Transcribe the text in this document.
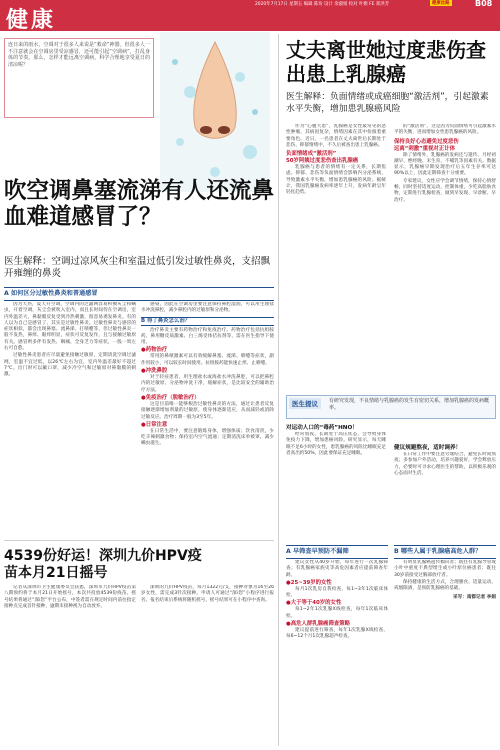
健康
2020年7月17日 星期五 编辑 陈玢 设计 余淑娟 校对 叶姬 FE 郑洪芳	健康丝路	B08
连日来的雨水，空调对于很多人来说是“救命”神器。但很多人一不注意就会在空调房里受凉感冒，还可能引起“空调病”，打乱身体的节奏。那么，怎样才能远离空调病，科学合理地享受夏日的清凉呢？
吹空调鼻塞流涕有人还流鼻血难道感冒了？
医生解释：空调过凉风灰尘和室温过低引发过敏性鼻炎，支招飘开雍缠的鼻炎
A 如何区分过敏性鼻炎和普通感冒

因为天热，夏天开空调，空调内的过滤网容易积攒灰尘和螨虫，开着空调，灰尘会被吹入室内。而且长时间待在空调房，室内外温差大，鼻黏膜反复受到冷热刺激，很容易诱发鼻炎。有的人以为自己是感冒了，其实是过敏性鼻炎。过敏性鼻炎与感冒的症状相似，都会出现鼻塞、流鼻涕、打喷嚏等，但过敏性鼻炎一般不发热，鼻痒、眼痒明显，症状可反复发作，且与接触过敏原有关。感冒则多伴有发热、咽痛、全身乏力等症状，一般一周左右可自愈。

过敏性鼻炎患者应尽量避免接触过敏原，定期清洗空调过滤网，室温不宜过低，以26℃左右为宜，室内外温差最好不超过7℃。出门时可以戴口罩，减少冷空气和过敏原对鼻黏膜的刺激。

感染，因此在空调房里要注意保持鼻腔湿润，可以用生理盐水冲洗鼻腔，减少鼻腔内的过敏原和分泌物。

B 得了鼻炎怎么治？

治疗鼻炎主要有药物治疗和免疫治疗。药物治疗包括抗组胺药、鼻用糖皮质激素、白三烯受体拮抗剂等，需在医生指导下使用。

●药物治疗

常用的鼻喷激素可以有效缓解鼻塞、流涕、喷嚏等症状，副作用较小，可以较长时间使用。抗组胺药能快速止痒、止喷嚏。

●冲洗鼻腔

对于轻症患者，用生理盐水或海盐水冲洗鼻腔，可以把鼻腔内的过敏原、分泌物冲洗干净，缓解症状，是比较安全的辅助治疗方法。

●免疫治疗（脱敏治疗）

这是目前唯一能够根治过敏性鼻炎的方法，通过让患者反复接触逐渐增加剂量的过敏原，使身体逐渐适应，从而减轻或消除过敏反应。治疗周期一般为3至5年。

●日常注意

在日常生活中，要注意锻炼身体，增强体质；饮食清淡，少吃辛辣刺激食物；保持室内空气流通；定期清洗床单被罩，减少螨虫滋生。

4539份好运！深圳九价HPV疫苗本月21日摇号

记者从深圳市卫生健康委员会获悉，深圳市九价HPV疫苗第八期预约将于本月21日开始摇号，本次共投放4539份疫苗。摇号结果将通过“深i您”平台公布，中签者需在规定时间内前往指定接种点完成首针接种，逾期未接种视为自动放弃。

深圳的九价HPV疫苗，每月1322元/支，接种对象为16至26岁女性，需完成3针次接种。申请人可通过“深i您”小程序进行报名。报名结束后系统将随机摇号，摇号结果可在小程序中查询。

丈夫离世她过度悲伤查出患上乳腺癌
医生解释：负面情绪或成癌细胞“激活剂”，引起激素水平失衡，增加患乳腺癌风险

作为“心腹大患”，乳腺癌是女性最常见的恶性肿瘤，其病因复杂，情绪因素在其中扮演着重要角色。近日，一名患者在丈夫离世后长期处于悲伤、抑郁情绪中，不久后被查出患上乳腺癌。

负面情绪成“激活剂”
50岁阿姨过度悲伤查出乳腺癌

乳腺癌与患者的情绪有一定关系，长期焦虑、抑郁、悲伤等负面情绪会影响内分泌系统，导致激素水平失衡，增加患乳腺癌的风险。据统计，我国乳腺癌发病率逐年上升，发病年龄呈年轻化趋势。

的“激活剂”，这是因为负面情绪可引起激素水平的失衡，进而增加女性患乳腺癌的风险。

保持良好心态避免过度悲伤
远离“刺激”重视对正计体

除了情绪外，乳腺癌的发病还与遗传、月经初潮早、绝经晚、未生育、不哺乳等因素有关。数据显示，乳腺癌早期发现治疗后五年生存率可达90%以上，因此定期筛查十分重要。

专家建议，女性应学会调节情绪，保持心情舒畅，同时坚持适度运动，控制体重，少吃高脂肪食物，定期进行乳腺检查，做到早发现、早诊断、早治疗。

医生提议	有研究发现，不良情绪与乳腺癌的发生有密切关系，增加乳腺癌的发病概率。
对运动人口的“毒药”HNO！

经常熬夜、长期处于高压状态，会导致身体免疫力下降，增加患癌风险。研究显示，每天睡眠不足6小时的女性，患乳腺癌的风险比睡眠充足者高出约50%，因此要保证充足睡眠。

健议规避熬夜，适时调养！

在日常工作中要注意劳逸结合，避免长时间熬夜；多参加户外活动，培养兴趣爱好，学会释放压力，必要时可寻求心理医生的帮助，以积极乐观的心态面对生活。

A 早筛查早预防不漏筛	B 哪些人属于乳腺癌高危人群？

建议女性从40岁开始，每年进行一次乳腺筛查；有乳腺癌家族史等高危因素者应提前筛查年龄。

●25~39岁的女性

每月1次乳房自我检查，每1~3年1次临床体检。

●大于等于40岁的女性

每1~2年1次乳腺X线检查，每年1次临床体检。

●高危人群乳腺癌筛查策略

建议提前进行筛查，每年1次乳腺X线检查，每6~12个月1次乳腺超声检查。

有明显乳腺癌遗传倾向者；既往有乳腺导管或小叶中重度不典型增生或小叶原位癌患者；既往30岁前接受过胸部放疗者。

保持健康的生活方式，合理膳食、适量运动、戒烟限酒，是预防乳腺癌的基础。

采写：南都记者 李娟
